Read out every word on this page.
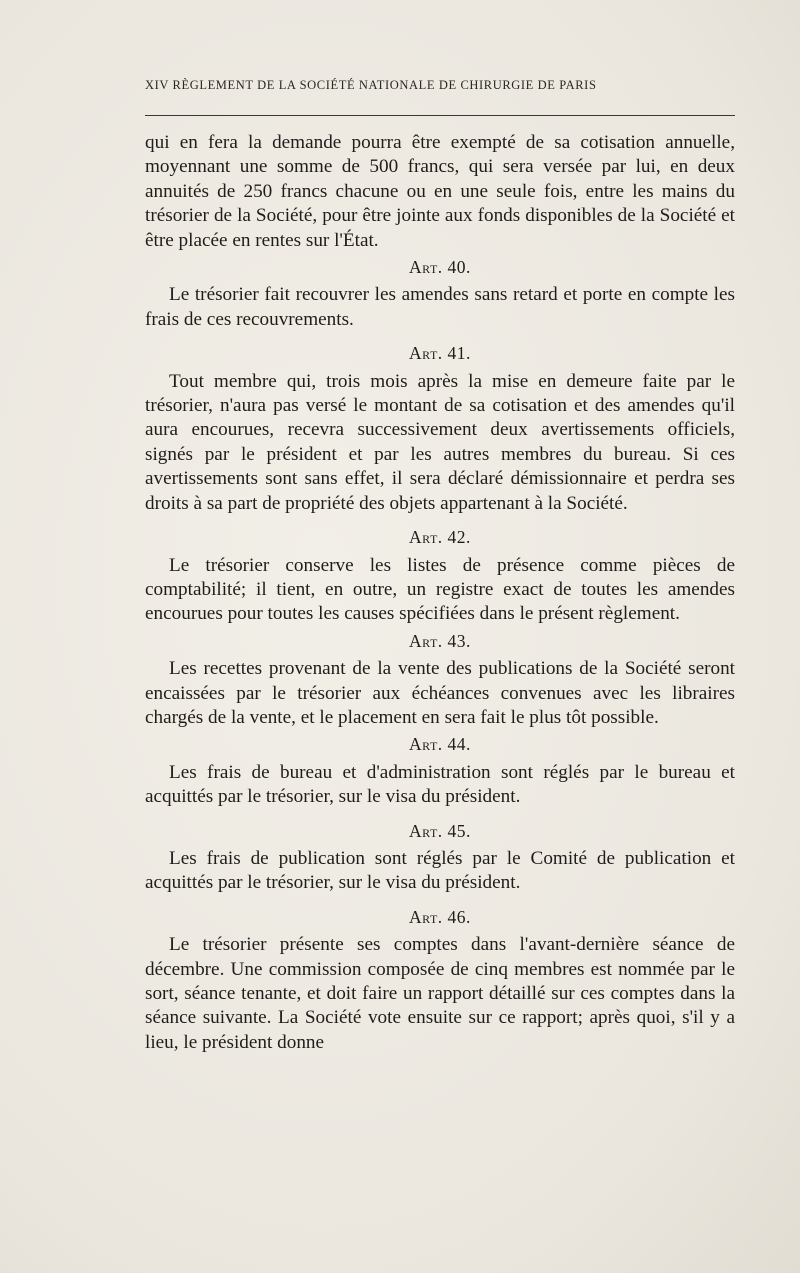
XIV RÈGLEMENT DE LA SOCIÉTÉ NATIONALE DE CHIRURGIE DE PARIS

qui en fera la demande pourra être exempté de sa cotisation annuelle, moyennant une somme de 500 francs, qui sera versée par lui, en deux annuités de 250 francs chacune ou en une seule fois, entre les mains du trésorier de la Société, pour être jointe aux fonds disponibles de la Société et être placée en rentes sur l'État.

Art. 40.

Le trésorier fait recouvrer les amendes sans retard et porte en compte les frais de ces recouvrements.

Art. 41.

Tout membre qui, trois mois après la mise en demeure faite par le trésorier, n'aura pas versé le montant de sa cotisation et des amendes qu'il aura encourues, recevra successivement deux avertissements officiels, signés par le président et par les autres membres du bureau. Si ces avertissements sont sans effet, il sera déclaré démissionnaire et perdra ses droits à sa part de propriété des objets appartenant à la Société.

Art. 42.

Le trésorier conserve les listes de présence comme pièces de comptabilité; il tient, en outre, un registre exact de toutes les amendes encourues pour toutes les causes spécifiées dans le présent règlement.

Art. 43.

Les recettes provenant de la vente des publications de la Société seront encaissées par le trésorier aux échéances convenues avec les libraires chargés de la vente, et le placement en sera fait le plus tôt possible.

Art. 44.

Les frais de bureau et d'administration sont réglés par le bureau et acquittés par le trésorier, sur le visa du président.

Art. 45.

Les frais de publication sont réglés par le Comité de publication et acquittés par le trésorier, sur le visa du président.

Art. 46.

Le trésorier présente ses comptes dans l'avant-dernière séance de décembre. Une commission composée de cinq membres est nommée par le sort, séance tenante, et doit faire un rapport détaillé sur ces comptes dans la séance suivante. La Société vote ensuite sur ce rapport; après quoi, s'il y a lieu, le président donne
